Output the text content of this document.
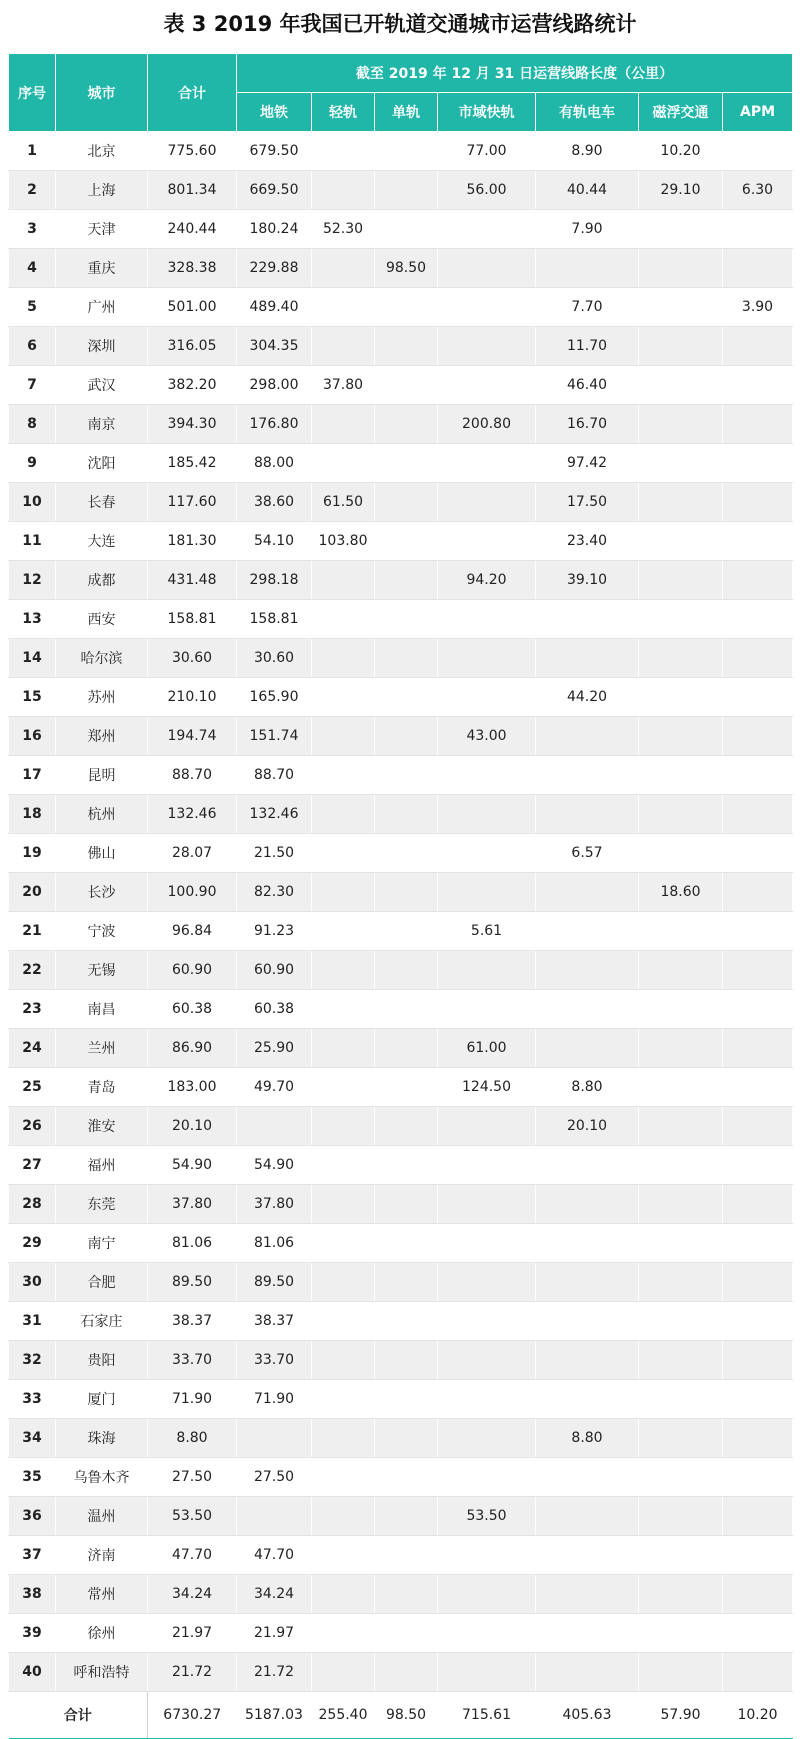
表 3 2019 年我国已开轨道交通城市运营线路统计
序号	城市	合计	截至 2019 年 12 月 31 日运营线路长度（公里）						
			地铁	轻轨	单轨	市域快轨	有轨电车	磁浮交通	APM
1	北京	775.60	679.50			77.00	8.90	10.20	
2	上海	801.34	669.50			56.00	40.44	29.10	6.30
3	天津	240.44	180.24	52.30			7.90		
4	重庆	328.38	229.88		98.50				
5	广州	501.00	489.40				7.70		3.90
6	深圳	316.05	304.35				11.70		
7	武汉	382.20	298.00	37.80			46.40		
8	南京	394.30	176.80			200.80	16.70		
9	沈阳	185.42	88.00				97.42		
10	长春	117.60	38.60	61.50			17.50		
11	大连	181.30	54.10	103.80			23.40		
12	成都	431.48	298.18			94.20	39.10		
13	西安	158.81	158.81						
14	哈尔滨	30.60	30.60						
15	苏州	210.10	165.90				44.20		
16	郑州	194.74	151.74			43.00			
17	昆明	88.70	88.70						
18	杭州	132.46	132.46						
19	佛山	28.07	21.50				6.57		
20	长沙	100.90	82.30					18.60	
21	宁波	96.84	91.23			5.61			
22	无锡	60.90	60.90						
23	南昌	60.38	60.38						
24	兰州	86.90	25.90			61.00			
25	青岛	183.00	49.70			124.50	8.80		
26	淮安	20.10					20.10		
27	福州	54.90	54.90						
28	东莞	37.80	37.80						
29	南宁	81.06	81.06						
30	合肥	89.50	89.50						
31	石家庄	38.37	38.37						
32	贵阳	33.70	33.70						
33	厦门	71.90	71.90						
34	珠海	8.80					8.80		
35	乌鲁木齐	27.50	27.50						
36	温州	53.50				53.50			
37	济南	47.70	47.70						
38	常州	34.24	34.24						
39	徐州	21.97	21.97						
40	呼和浩特	21.72	21.72						
合计		6730.27	5187.03	255.40	98.50	715.61	405.63	57.90	10.20
